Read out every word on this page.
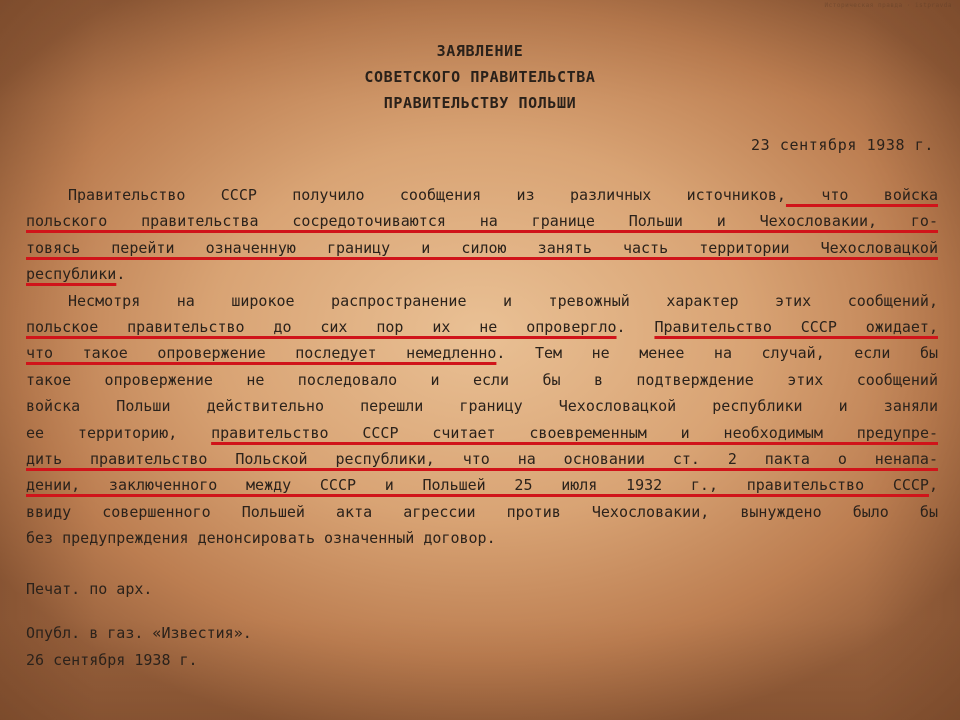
Историческая правда · istpravda
ЗАЯВЛЕНИЕ
СОВЕТСКОГО ПРАВИТЕЛЬСТВА
ПРАВИТЕЛЬСТВУ ПОЛЬШИ
23 сентября 1938 г.
Правительство СССР получило сообщения из различных источников, что войска
польского правительства сосредоточиваются на границе Польши и Чехословакии, го-
товясь перейти означенную границу и силою занять часть территории Чехословацкой
республики.
Несмотря на широкое распространение и тревожный характер этих сообщений,
польское правительство до сих пор их не опровергло. Правительство СССР ожидает,
что такое опровержение последует немедленно. Тем не менее на случай, если бы
такое опровержение не последовало и если бы в подтверждение этих сообщений
войска Польши действительно перешли границу Чехословацкой республики и заняли
ее территорию, правительство СССР считает своевременным и необходимым предупре-
дить правительство Польской республики, что на основании ст. 2 пакта о ненапа-
дении, заключенного между СССР и Польшей 25 июля 1932 г., правительство СССР,
ввиду совершенного Польшей акта агрессии против Чехословакии, вынуждено было бы
без предупреждения денонсировать означенный договор.
Печат. по арх.
Опубл. в газ. «Известия».
26 сентября 1938 г.
